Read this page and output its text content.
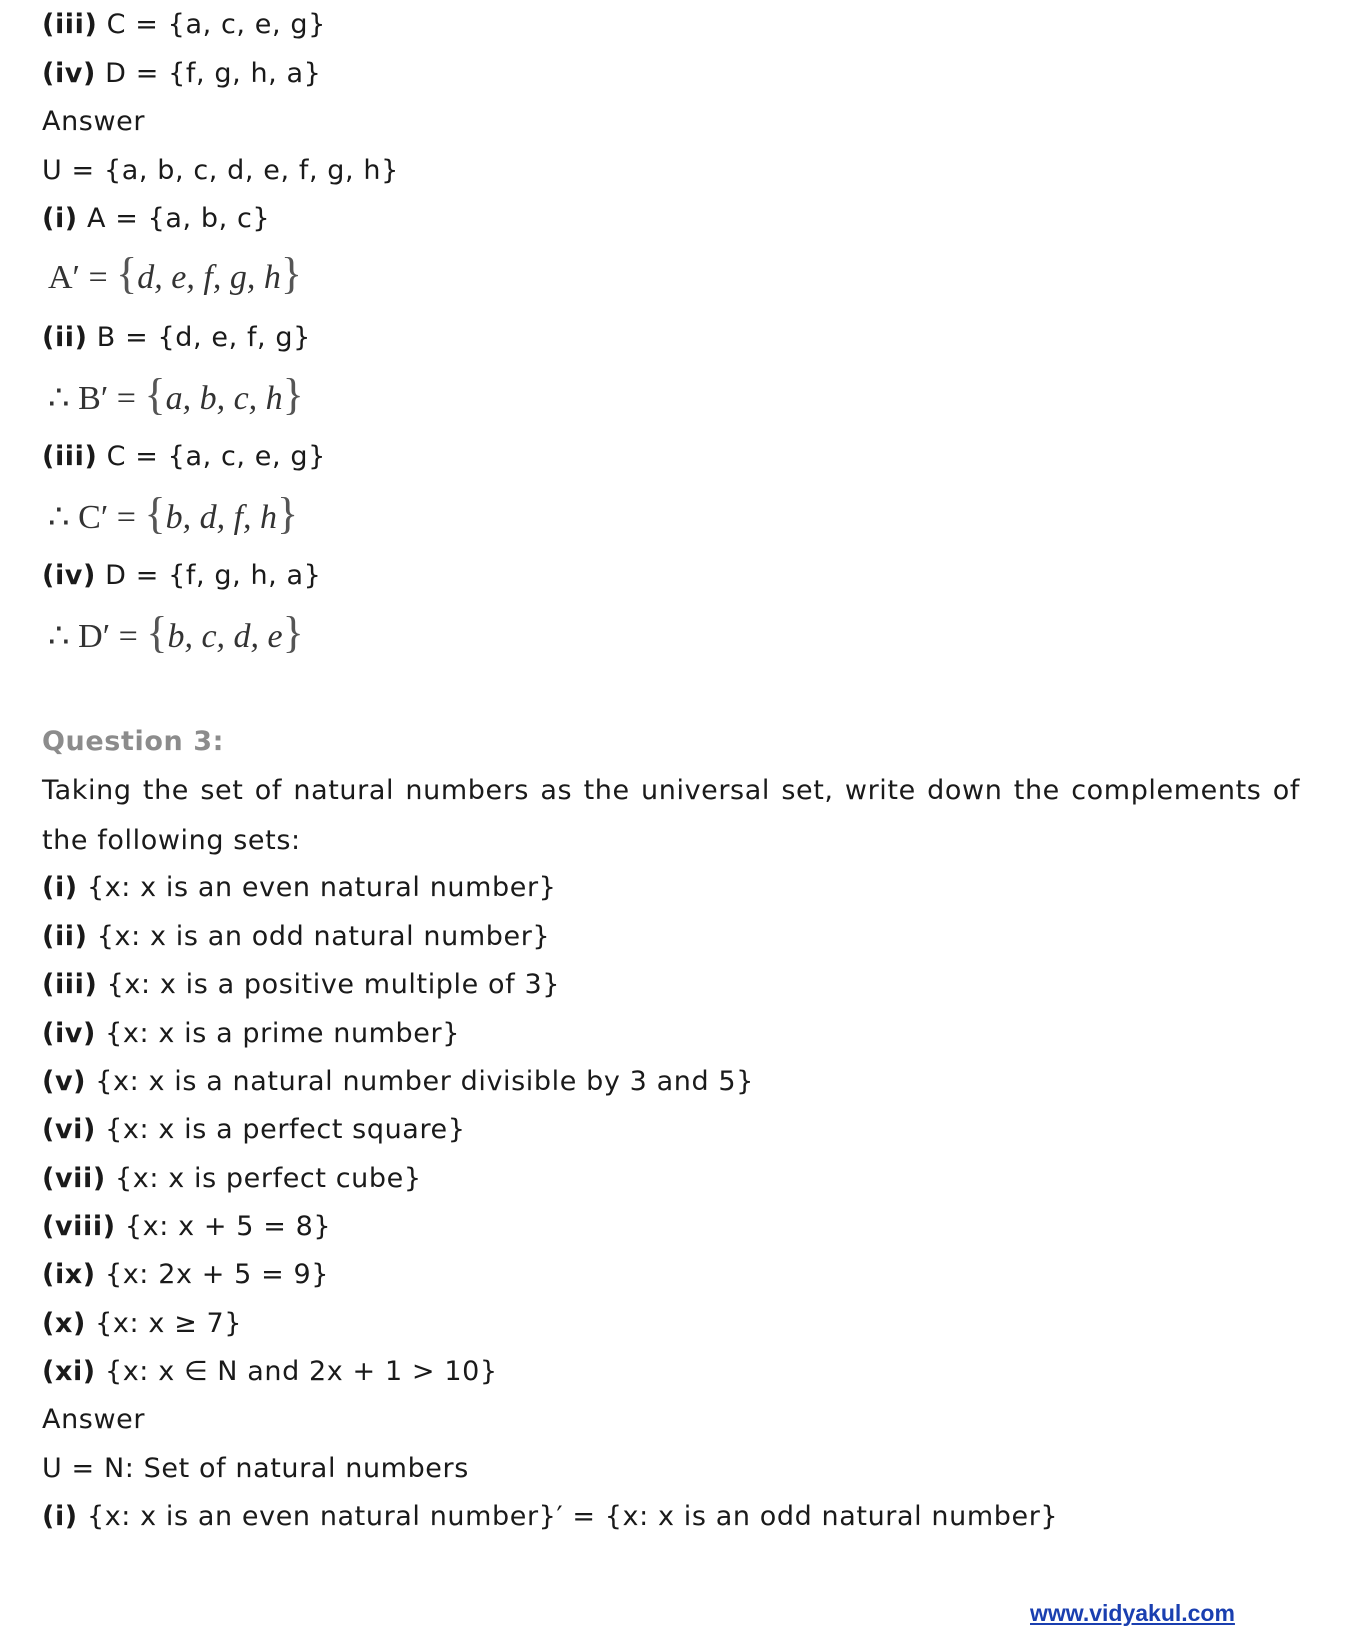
(iii) C = {a, c, e, g}
(iv) D = {f, g, h, a}
Answer
U = {a, b, c, d, e, f, g, h}
(i) A = {a, b, c}
A′ = {d, e, f, g, h}
(ii) B = {d, e, f, g}
∴ B′ = {a, b, c, h}
(iii) C = {a, c, e, g}
∴ C′ = {b, d, f, h}
(iv) D = {f, g, h, a}
∴ D′ = {b, c, d, e}
Question 3:
Taking the set of natural numbers as the universal set, write down the complements of the following sets:
(i) {x: x is an even natural number}
(ii) {x: x is an odd natural number}
(iii) {x: x is a positive multiple of 3}
(iv) {x: x is a prime number}
(v) {x: x is a natural number divisible by 3 and 5}
(vi) {x: x is a perfect square}
(vii) {x: x is perfect cube}
(viii) {x: x + 5 = 8}
(ix) {x: 2x + 5 = 9}
(x) {x: x ≥ 7}
(xi) {x: x ∈ N and 2x + 1 > 10}
Answer
U = N: Set of natural numbers
(i) {x: x is an even natural number}′ = {x: x is an odd natural number}
www.vidyakul.com
